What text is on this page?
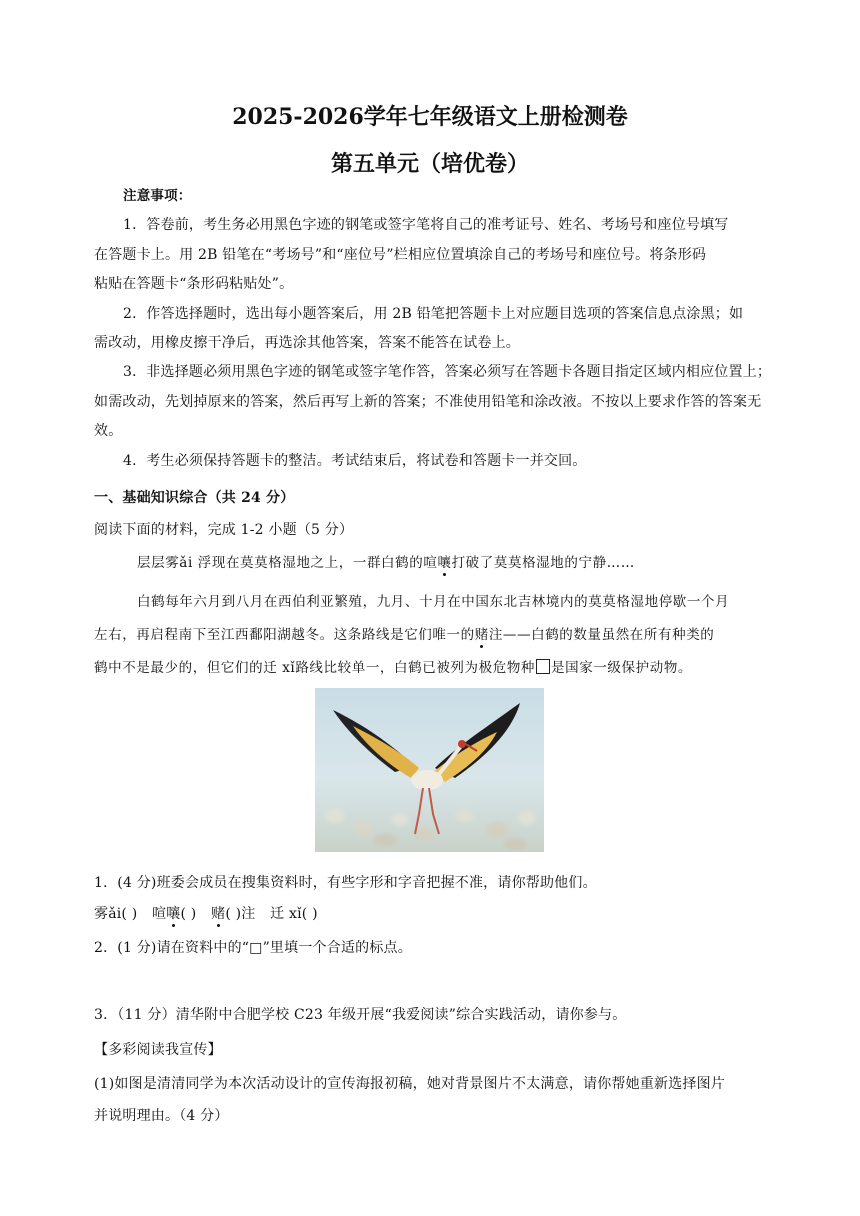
2025-2026学年七年级语文上册检测卷
第五单元（培优卷）
注意事项：
1．答卷前，考生务必用黑色字迹的钢笔或签字笔将自己的准考证号、姓名、考场号和座位号填写
在答题卡上。用 2B 铅笔在“考场号”和“座位号”栏相应位置填涂自己的考场号和座位号。将条形码
粘贴在答题卡“条形码粘贴处”。
2．作答选择题时，选出每小题答案后，用 2B 铅笔把答题卡上对应题目选项的答案信息点涂黑；如
需改动，用橡皮擦干净后，再选涂其他答案，答案不能答在试卷上。
3．非选择题必须用黑色字迹的钢笔或签字笔作答，答案必须写在答题卡各题目指定区域内相应位置上；
如需改动，先划掉原来的答案，然后再写上新的答案；不准使用铅笔和涂改液。不按以上要求作答的答案无
效。
4．考生必须保持答题卡的整洁。考试结束后，将试卷和答题卡一并交回。
一、基础知识综合（共 24 分）
阅读下面的材料，完成 1-2 小题（5 分）
层层雾ǎi 浮现在莫莫格湿地之上，一群白鹤的喧嚷打破了莫莫格湿地的宁静……
白鹤每年六月到八月在西伯利亚繁殖，九月、十月在中国东北吉林境内的莫莫格湿地停歇一个月
左右，再启程南下至江西鄱阳湖越冬。这条路线是它们唯一的赌注——白鹤的数量虽然在所有种类的
鹤中不是最少的，但它们的迁 xǐ路线比较单一，白鹤已被列为极危物种 是国家一级保护动物。
1．(4 分)班委会成员在搜集资料时，有些字形和字音把握不准，请你帮助他们。
雾ǎi( ) 喧嚷( ) 赌( )注 迁 xǐ( )
2．(1 分)请在资料中的“□”里填一个合适的标点。
3．（11 分）清华附中合肥学校 C23 年级开展“我爱阅读”综合实践活动，请你参与。
【多彩阅读我宣传】
(1)如图是清清同学为本次活动设计的宣传海报初稿，她对背景图片不太满意，请你帮她重新选择图片
并说明理由。（4 分）
